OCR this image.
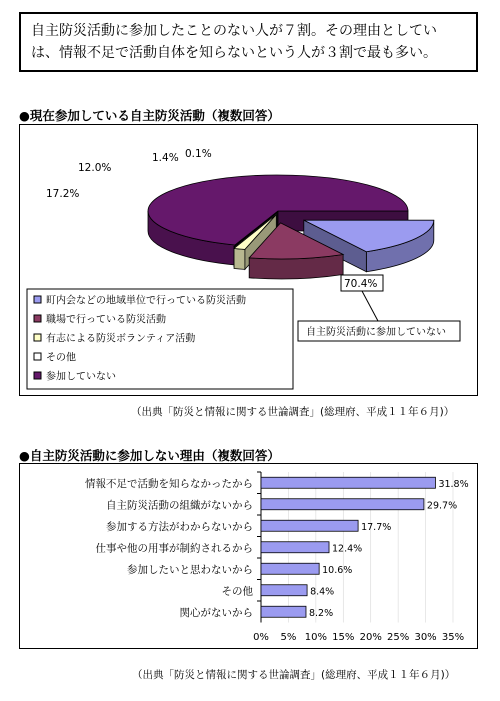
自主防災活動に参加したことのない人が７割。その理由としてい
は、情報不足で活動自体を知らないという人が３割で最も多い。
●現在参加している自主防災活動（複数回答）
17.2%
12.0%
1.4% 0.1%
70.4%
自主防災活動に参加していない
町内会などの地域単位で行っている防災活動
職場で行っている防災活動
有志による防災ボランティア活動
その他
参加していない
（出典「防災と情報に関する世論調査」(総理府、平成１１年６月)）
●自主防災活動に参加しない理由（複数回答）
情報不足で活動を知らなかったから	31.8%
自主防災活動の組織がないから	29.7%
参加する方法がわからないから	17.7%
仕事や他の用事が制約されるから	12.4%
参加したいと思わないから	10.6%
その他	8.4%
関心がないから	8.2%
0% 5% 10% 15% 20% 25% 30% 35%
（出典「防災と情報に関する世論調査」(総理府、平成１１年６月)）
